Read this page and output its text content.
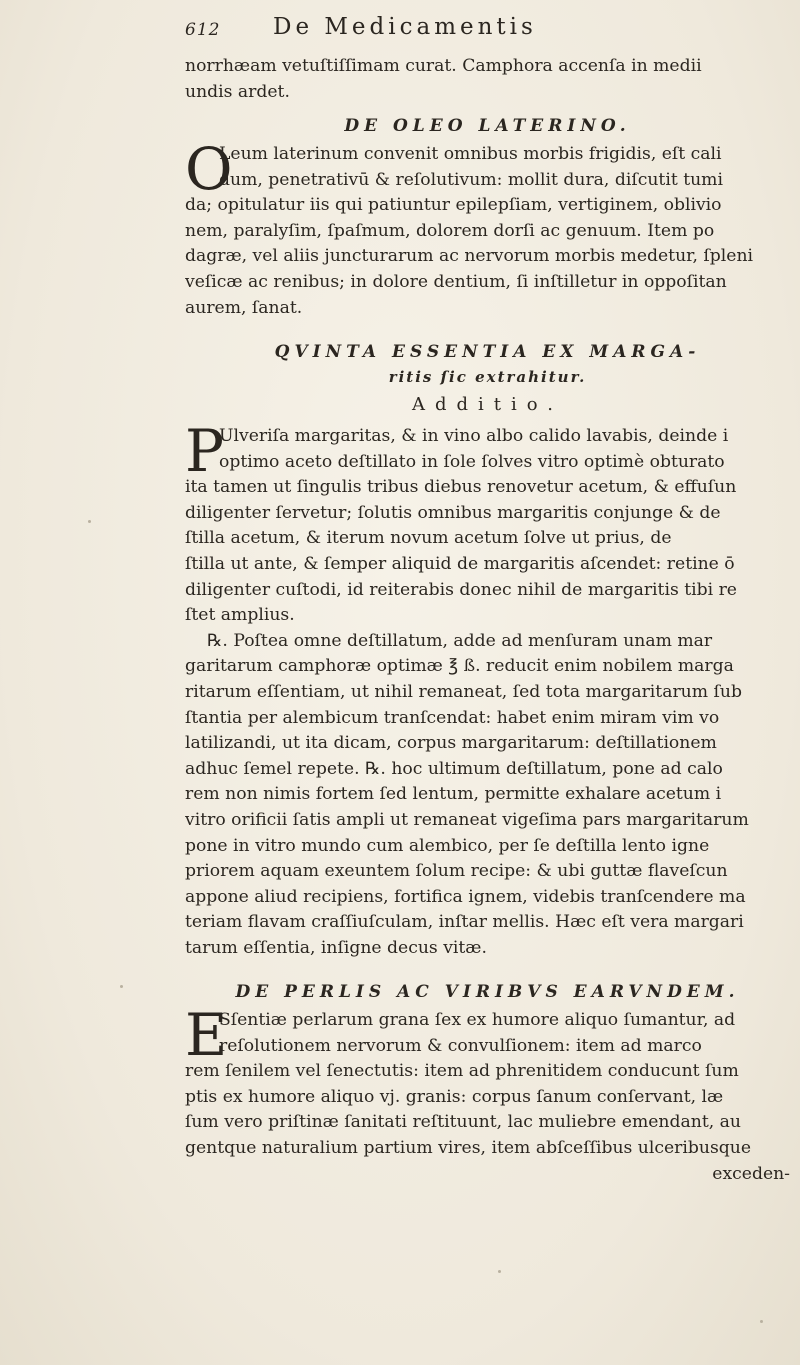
612 De Medicamentis
norrhæam vetuſtiſſimam curat. Camphora accenſa in medii
undis ardet.
DE OLEO LATERINO.
O
Leum laterinum convenit omnibus morbis frigidis, eſt cali
dum, penetrativū & reſolutivum: mollit dura, diſcutit tumi
da; opitulatur iis qui patiuntur epilepſiam, vertiginem, oblivio
nem, paralyſim, ſpaſmum, dolorem dorſi ac genuum. Item po
dagræ, vel aliis juncturarum ac nervorum morbis medetur, ſpleni
veſicæ ac renibus; in dolore dentium, ſi inſtilletur in oppoſitan
aurem, ſanat.
QVINTA ESSENTIA EX MARGA-
ritis ſic extrahitur.
Additio.
P
Ulveriſa margaritas, & in vino albo calido lavabis, deinde i
optimo aceto deſtillato in ſole ſolves vitro optimè obturato
ita tamen ut ſingulis tribus diebus renovetur acetum, & effuſun
diligenter ſervetur; ſolutis omnibus margaritis conjunge & de
ſtilla acetum, & iterum novum acetum ſolve ut prius, de
ſtilla ut ante, & ſemper aliquid de margaritis aſcendet: retine ō
diligenter cuſtodi, id reiterabis donec nihil de margaritis tibi re
ſtet amplius.
℞. Poſtea omne deſtillatum, adde ad menſuram unam mar
garitarum camphoræ optimæ ℥ ß. reducit enim nobilem marga
ritarum eſſentiam, ut nihil remaneat, ſed tota margaritarum ſub
ſtantia per alembicum tranſcendat: habet enim miram vim vo
latilizandi, ut ita dicam, corpus margaritarum: deſtillationem
adhuc ſemel repete. ℞. hoc ultimum deſtillatum, pone ad calo
rem non nimis fortem ſed lentum, permitte exhalare acetum i
vitro orificii ſatis ampli ut remaneat vigeſima pars margaritarum
pone in vitro mundo cum alembico, per ſe deſtilla lento igne
priorem aquam exeuntem ſolum recipe: & ubi guttæ flaveſcun
appone aliud recipiens, fortifica ignem, videbis tranſcendere ma
teriam flavam craſſiuſculam, inſtar mellis. Hæc eſt vera margari
tarum eſſentia, inſigne decus vitæ.
DE PERLIS AC VIRIBVS EARVNDEM.
E
Sſentiæ perlarum grana ſex ex humore aliquo ſumantur, ad
reſolutionem nervorum & convulſionem: item ad marco
rem ſenilem vel ſenectutis: item ad phrenitidem conducunt ſum
ptis ex humore aliquo vj. granis: corpus ſanum conſervant, læ
ſum vero priſtinæ ſanitati reſtituunt, lac muliebre emendant, au
gentque naturalium partium vires, item abſceſſibus ulceribusque
exceden-
